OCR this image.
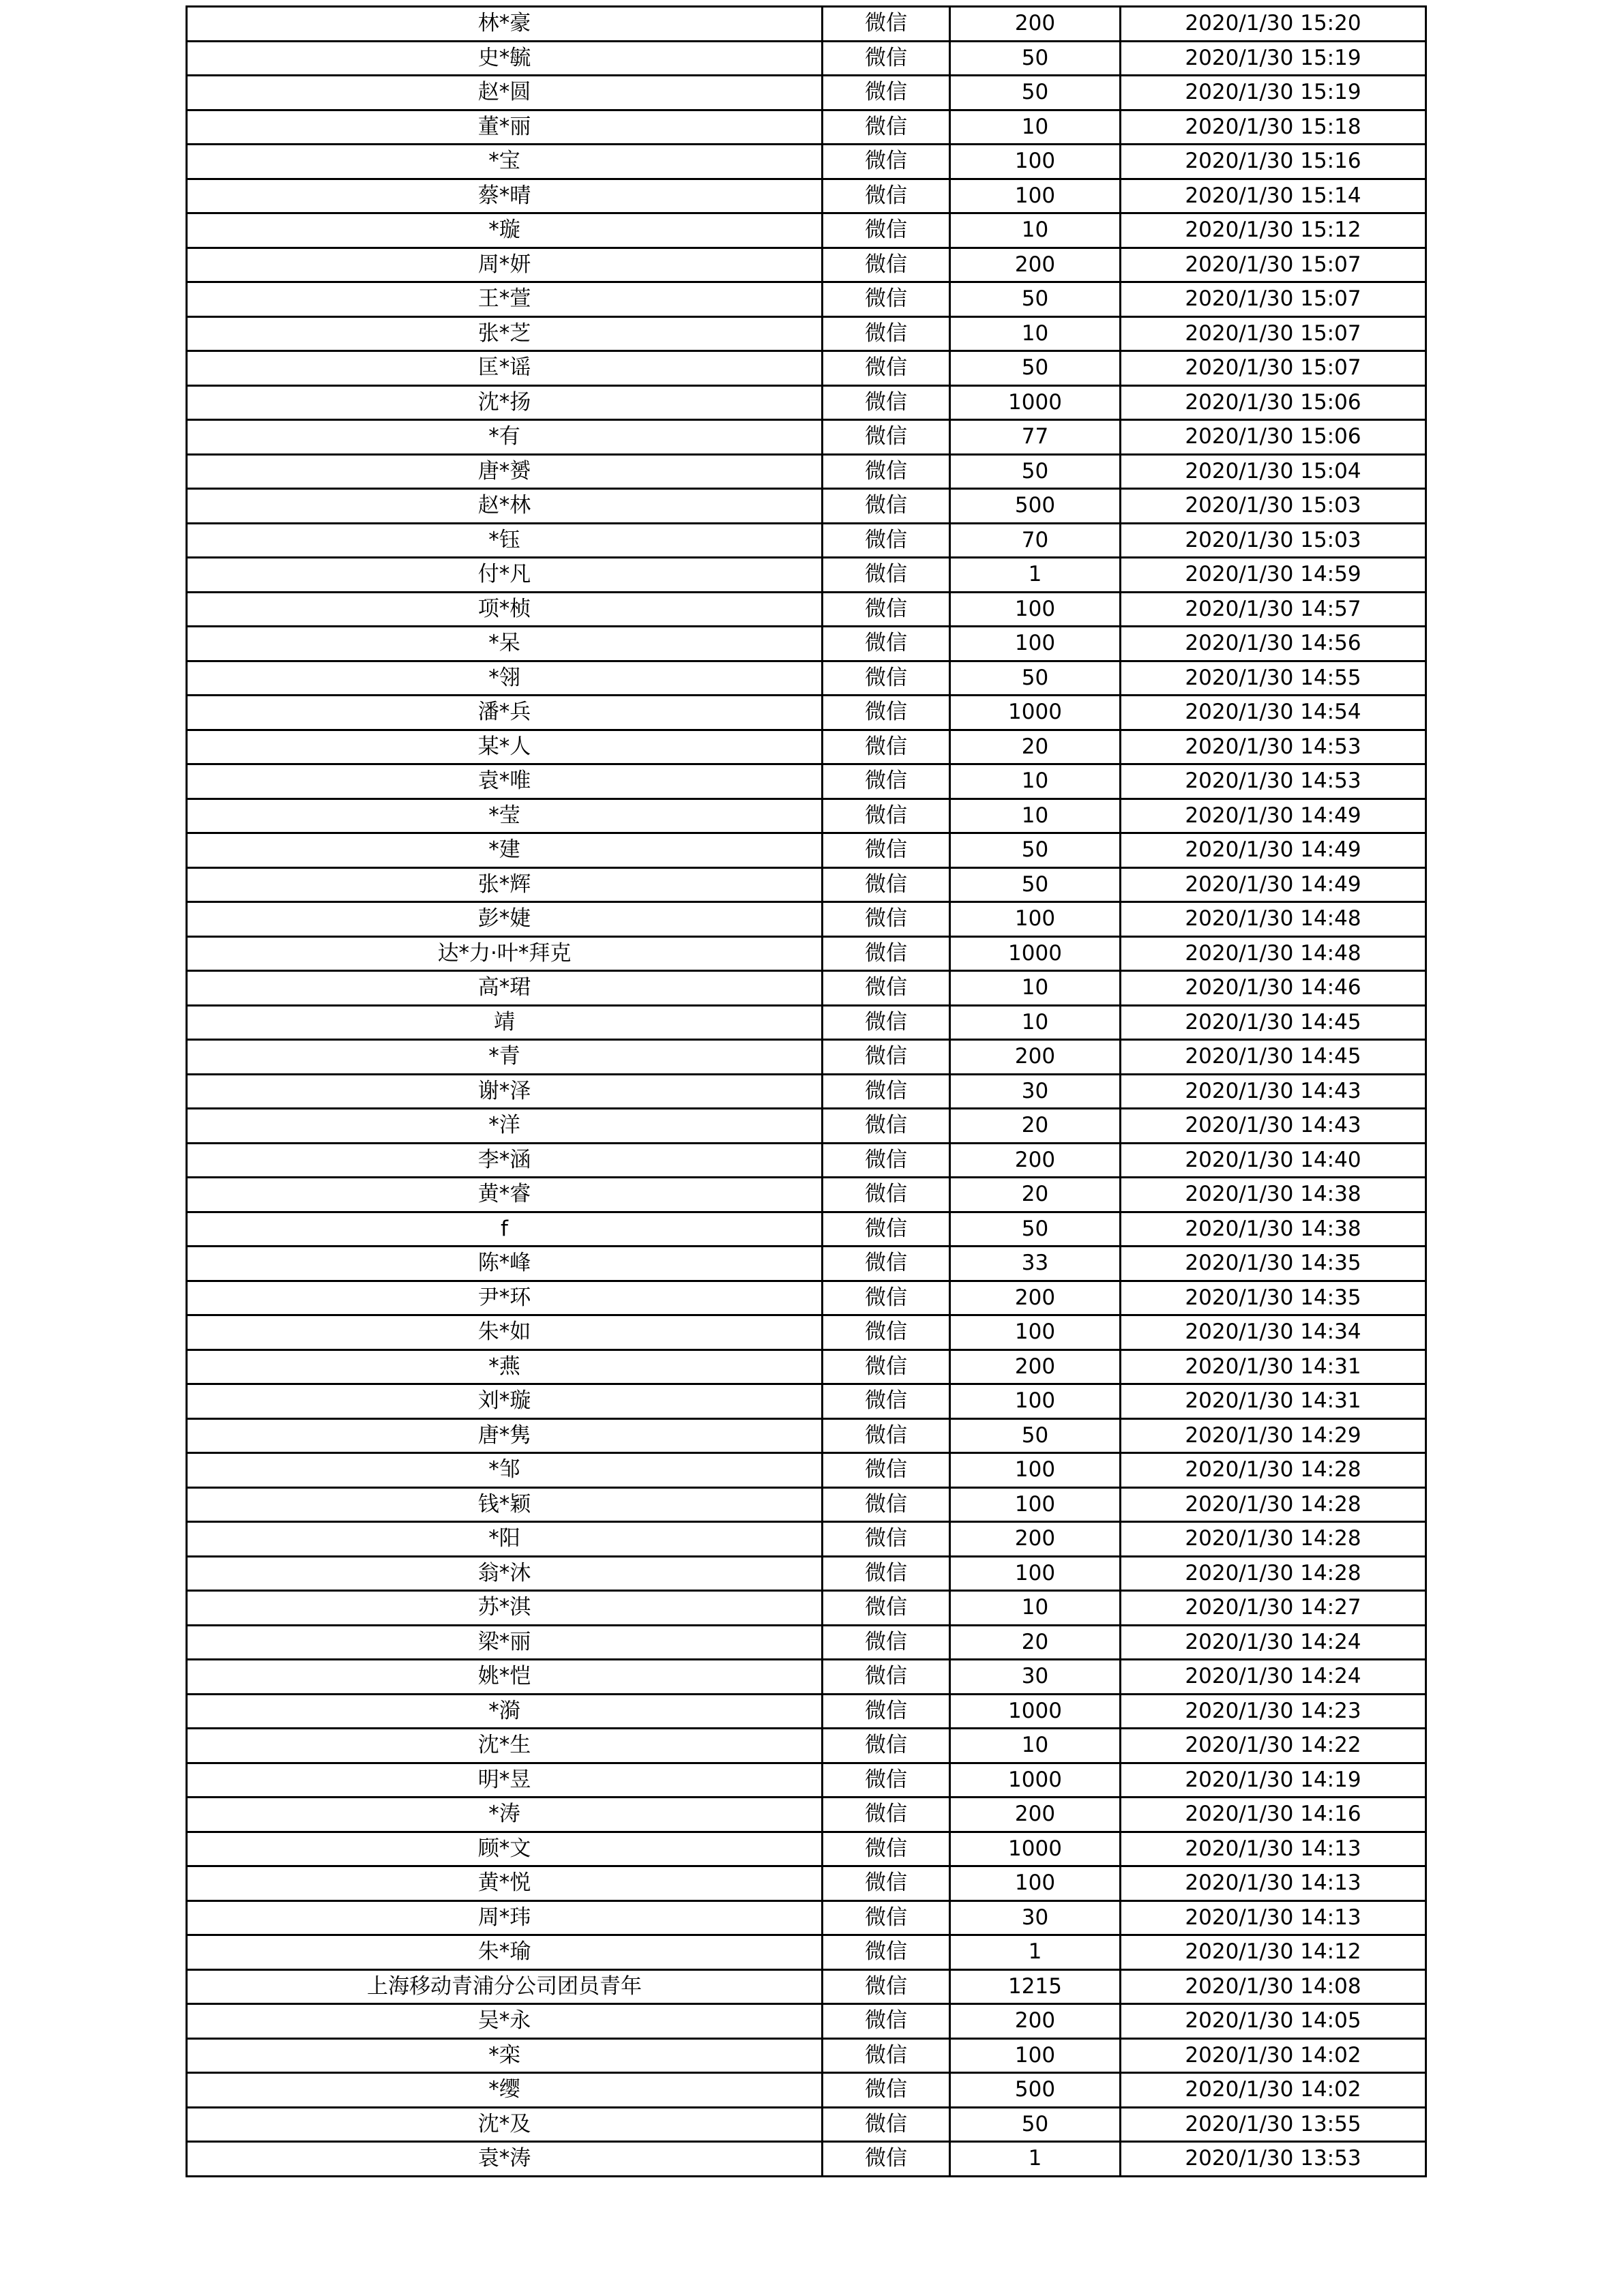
林*豪	微信	200	2020/1/30 15:20
史*毓	微信	50	2020/1/30 15:19
赵*圆	微信	50	2020/1/30 15:19
董*丽	微信	10	2020/1/30 15:18
*宝	微信	100	2020/1/30 15:16
蔡*晴	微信	100	2020/1/30 15:14
*璇	微信	10	2020/1/30 15:12
周*妍	微信	200	2020/1/30 15:07
王*萱	微信	50	2020/1/30 15:07
张*芝	微信	10	2020/1/30 15:07
匡*谣	微信	50	2020/1/30 15:07
沈*扬	微信	1000	2020/1/30 15:06
*有	微信	77	2020/1/30 15:06
唐*赟	微信	50	2020/1/30 15:04
赵*林	微信	500	2020/1/30 15:03
*钰	微信	70	2020/1/30 15:03
付*凡	微信	1	2020/1/30 14:59
项*桢	微信	100	2020/1/30 14:57
*呆	微信	100	2020/1/30 14:56
*翎	微信	50	2020/1/30 14:55
潘*兵	微信	1000	2020/1/30 14:54
某*人	微信	20	2020/1/30 14:53
袁*唯	微信	10	2020/1/30 14:53
*莹	微信	10	2020/1/30 14:49
*建	微信	50	2020/1/30 14:49
张*辉	微信	50	2020/1/30 14:49
彭*婕	微信	100	2020/1/30 14:48
达*力·叶*拜克	微信	1000	2020/1/30 14:48
高*珺	微信	10	2020/1/30 14:46
靖	微信	10	2020/1/30 14:45
*青	微信	200	2020/1/30 14:45
谢*泽	微信	30	2020/1/30 14:43
*洋	微信	20	2020/1/30 14:43
李*涵	微信	200	2020/1/30 14:40
黄*睿	微信	20	2020/1/30 14:38
f	微信	50	2020/1/30 14:38
陈*峰	微信	33	2020/1/30 14:35
尹*环	微信	200	2020/1/30 14:35
朱*如	微信	100	2020/1/30 14:34
*燕	微信	200	2020/1/30 14:31
刘*璇	微信	100	2020/1/30 14:31
唐*隽	微信	50	2020/1/30 14:29
*邹	微信	100	2020/1/30 14:28
钱*颖	微信	100	2020/1/30 14:28
*阳	微信	200	2020/1/30 14:28
翁*沐	微信	100	2020/1/30 14:28
苏*淇	微信	10	2020/1/30 14:27
梁*丽	微信	20	2020/1/30 14:24
姚*恺	微信	30	2020/1/30 14:24
*漪	微信	1000	2020/1/30 14:23
沈*生	微信	10	2020/1/30 14:22
明*昱	微信	1000	2020/1/30 14:19
*涛	微信	200	2020/1/30 14:16
顾*文	微信	1000	2020/1/30 14:13
黄*悦	微信	100	2020/1/30 14:13
周*玮	微信	30	2020/1/30 14:13
朱*瑜	微信	1	2020/1/30 14:12
上海移动青浦分公司团员青年	微信	1215	2020/1/30 14:08
吴*永	微信	200	2020/1/30 14:05
*栾	微信	100	2020/1/30 14:02
*缨	微信	500	2020/1/30 14:02
沈*及	微信	50	2020/1/30 13:55
袁*涛	微信	1	2020/1/30 13:53
